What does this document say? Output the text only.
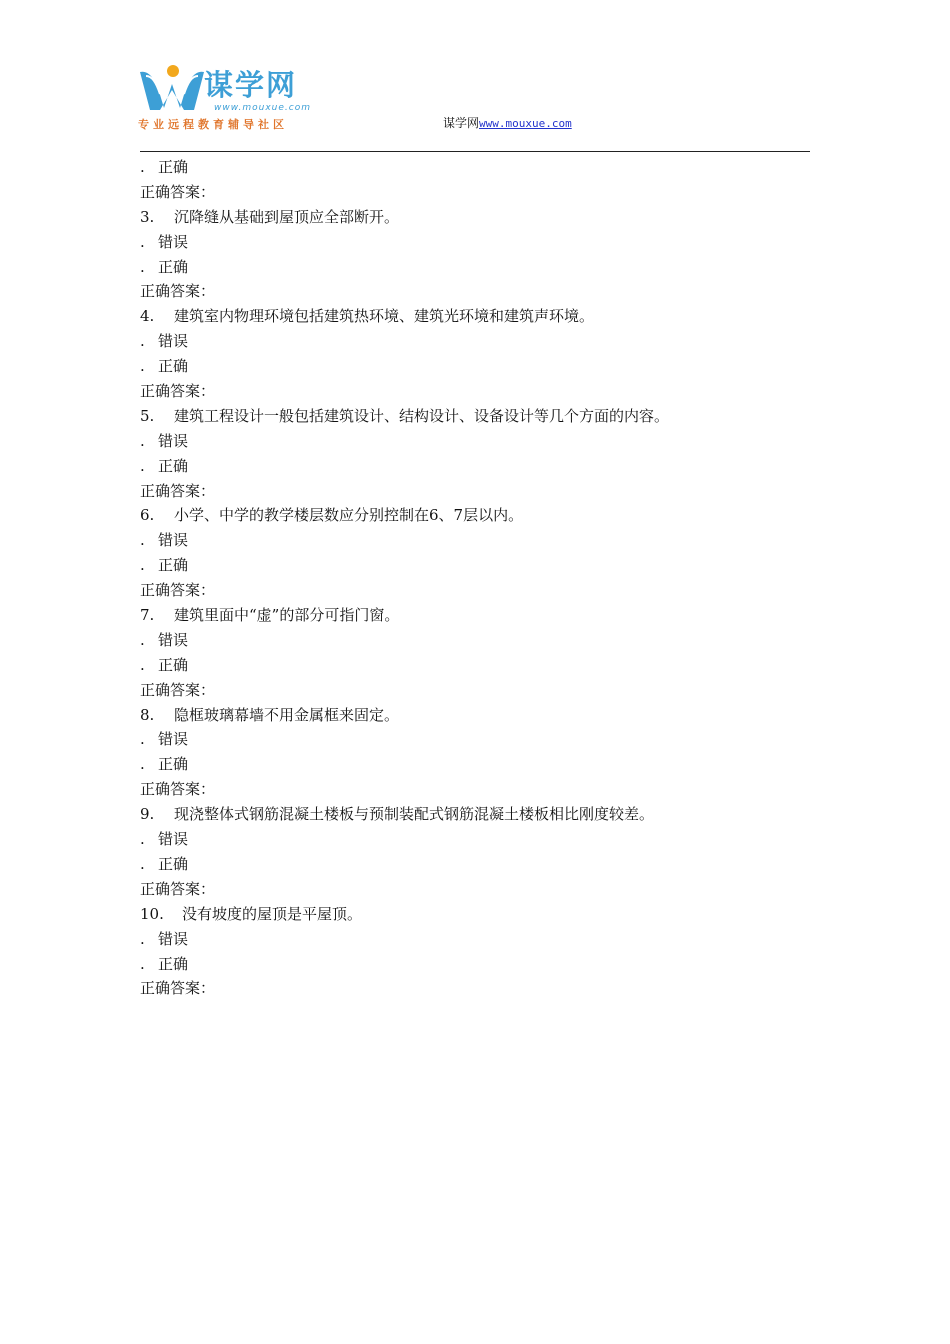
谋学网
www.mouxue.com
专业远程教育辅导社区	谋学网www.mouxue.com
. 正确
正确答案：
3. 沉降缝从基础到屋顶应全部断开。
. 错误
. 正确
正确答案：
4. 建筑室内物理环境包括建筑热环境、建筑光环境和建筑声环境。
. 错误
. 正确
正确答案：
5. 建筑工程设计一般包括建筑设计、结构设计、设备设计等几个方面的内容。
. 错误
. 正确
正确答案：
6. 小学、中学的教学楼层数应分别控制在6、7层以内。
. 错误
. 正确
正确答案：
7. 建筑里面中“虚”的部分可指门窗。
. 错误
. 正确
正确答案：
8. 隐框玻璃幕墙不用金属框来固定。
. 错误
. 正确
正确答案：
9. 现浇整体式钢筋混凝土楼板与预制装配式钢筋混凝土楼板相比刚度较差。
. 错误
. 正确
正确答案：
10. 没有坡度的屋顶是平屋顶。
. 错误
. 正确
正确答案：
